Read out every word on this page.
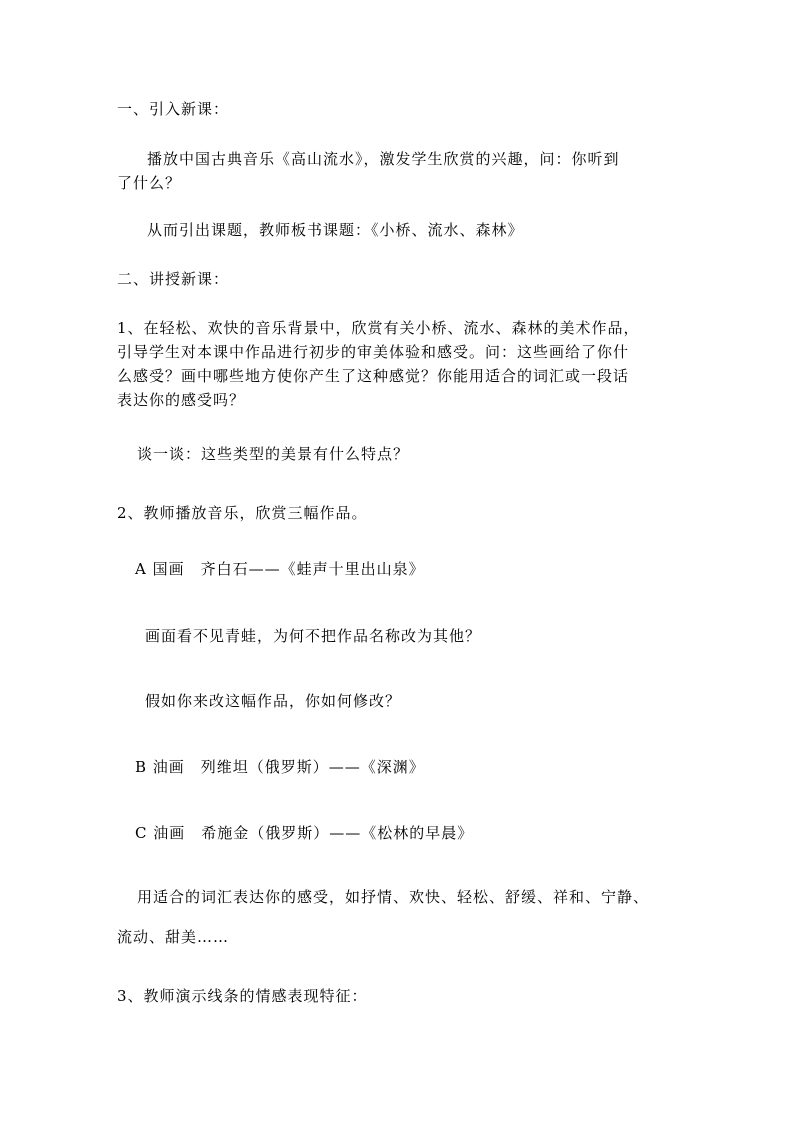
一、引入新课：
播放中国古典音乐《高山流水》，激发学生欣赏的兴趣，问：你听到
了什么？
从而引出课题，教师板书课题：《小桥、流水、森林》
二、讲授新课：
1、在轻松、欢快的音乐背景中，欣赏有关小桥、流水、森林的美术作品，
引导学生对本课中作品进行初步的审美体验和感受。问：这些画给了你什
么感受？画中哪些地方使你产生了这种感觉？你能用适合的词汇或一段话
表达你的感受吗？
谈一谈：这些类型的美景有什么特点？
2、教师播放音乐，欣赏三幅作品。
A 国画　齐白石——《蛙声十里出山泉》
画面看不见青蛙，为何不把作品名称改为其他？
假如你来改这幅作品，你如何修改？
B 油画　列维坦（俄罗斯）——《深渊》
C 油画　希施金（俄罗斯）——《松林的早晨》
用适合的词汇表达你的感受，如抒情、欢快、轻松、舒缓、祥和、宁静、
流动、甜美……
3、教师演示线条的情感表现特征：
